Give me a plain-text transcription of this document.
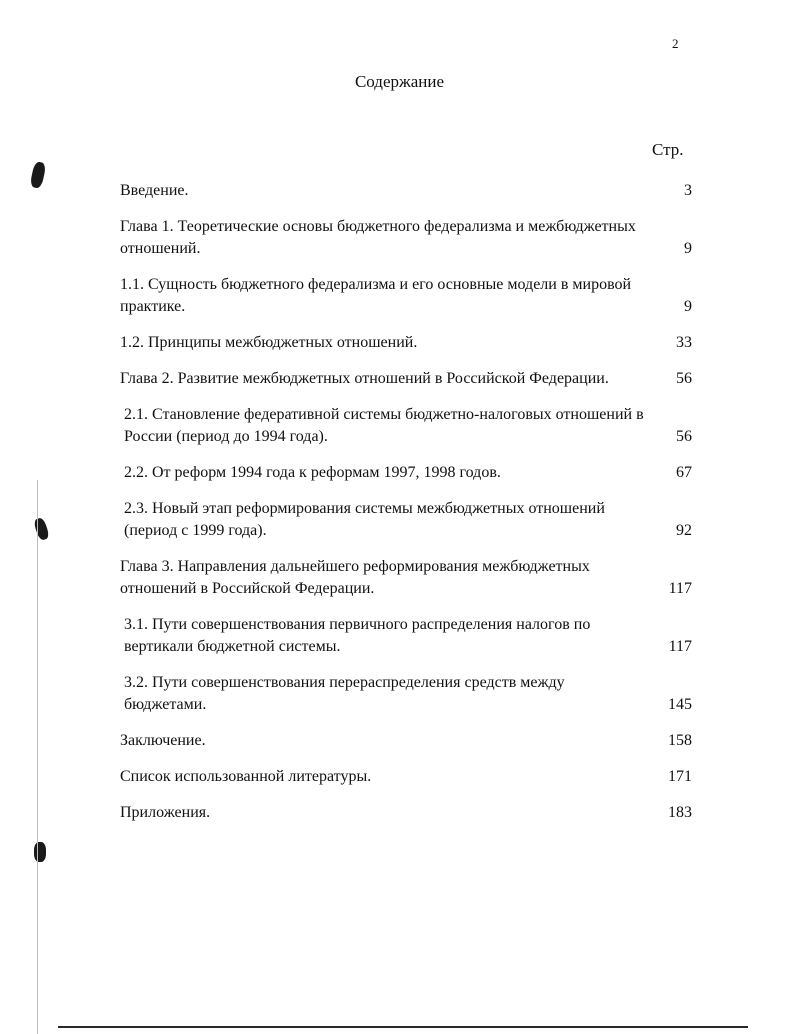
2
Содержание
Стр.
Введение.	3
Глава 1. Теоретические основы бюджетного федерализма и межбюджетных отношений.	9
1.1. Сущность бюджетного федерализма и его основные модели в мировой практике.	9
1.2. Принципы межбюджетных отношений.	33
Глава 2. Развитие межбюджетных отношений в Российской Федерации.	56
2.1. Становление федеративной системы бюджетно-налоговых отношений в России (период до 1994 года).	56
2.2. От реформ 1994 года к реформам 1997, 1998 годов.	67
2.3. Новый этап реформирования системы межбюджетных отношений (период с 1999 года).	92
Глава 3. Направления дальнейшего реформирования межбюджетных отношений в Российской Федерации.	117
3.1. Пути совершенствования первичного распределения налогов по вертикали бюджетной системы.	117
3.2. Пути совершенствования перераспределения средств между бюджетами.	145
Заключение.	158
Список использованной литературы.	171
Приложения.	183
